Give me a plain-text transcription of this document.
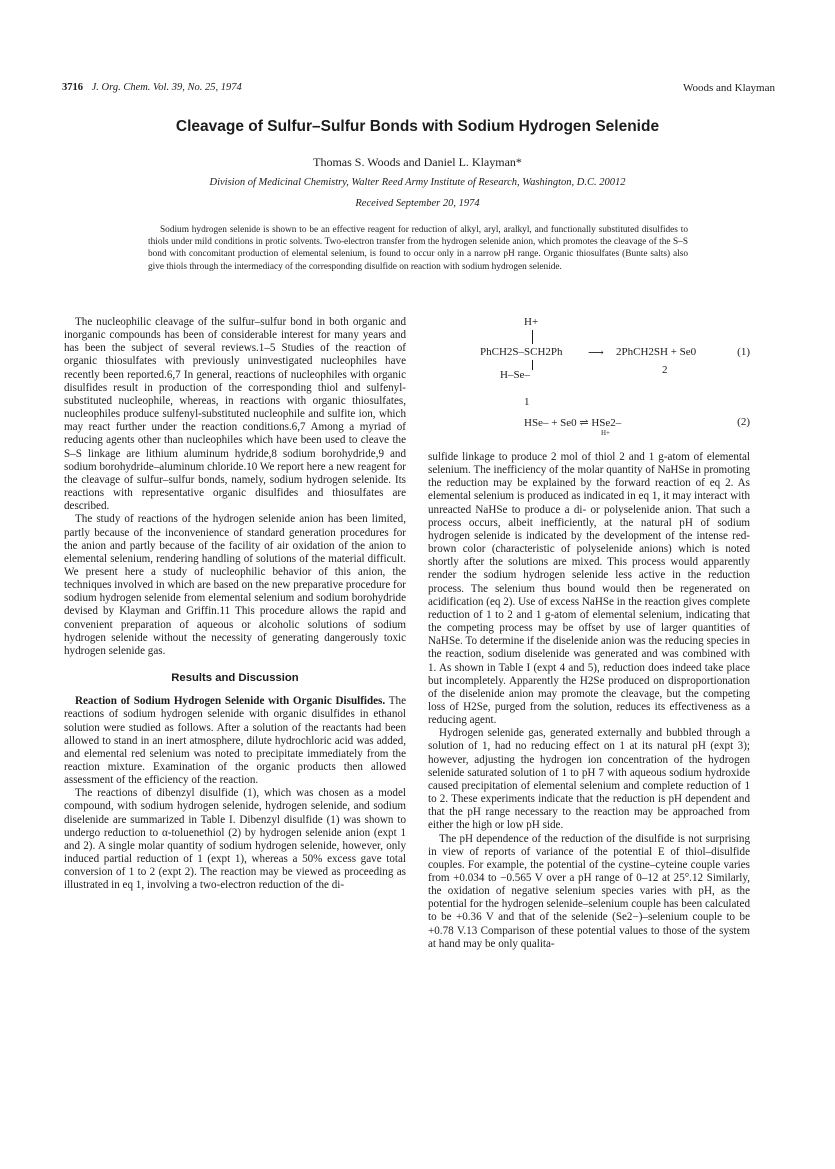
3716 J. Org. Chem. Vol. 39, No. 25, 1974	Woods and Klayman
Cleavage of Sulfur–Sulfur Bonds with Sodium Hydrogen Selenide
Thomas S. Woods and Daniel L. Klayman*
Division of Medicinal Chemistry, Walter Reed Army Institute of Research, Washington, D.C. 20012
Received September 20, 1974
Sodium hydrogen selenide is shown to be an effective reagent for reduction of alkyl, aryl, aralkyl, and functionally substituted disulfides to thiols under mild conditions in protic solvents. Two-electron transfer from the hydrogen selenide anion, which promotes the cleavage of the S–S bond with concomitant production of elemental selenium, is found to occur only in a narrow pH range. Organic thiosulfates (Bunte salts) also give thiols through the intermediacy of the corresponding disulfide on reaction with sodium hydrogen selenide.
H+
PhCH2S–SCH2Ph ⟶ 2PhCH2SH + Se0	(1)
H–Se–
1
2
HSe– + Se0 ⇌ HSe2–
H+
(2)

The nucleophilic cleavage of the sulfur–sulfur bond in both organic and inorganic compounds has been of considerable interest for many years and has been the subject of several reviews.1–5 Studies of the reaction of organic thiosulfates with previously uninvestigated nucleophiles have recently been reported.6,7 In general, reactions of nucleophiles with organic disulfides result in production of the corresponding thiol and sulfenyl-substituted nucleophile, whereas, in reactions with organic thiosulfates, nucleophiles produce sulfenyl-substituted nucleophile and sulfite ion, which may react further under the reaction conditions.6,7 Among a myriad of reducing agents other than nucleophiles which have been used to cleave the S–S linkage are lithium aluminum hydride,8 sodium borohydride,9 and sodium borohydride–aluminum chloride.10 We report here a new reagent for the cleavage of sulfur–sulfur bonds, namely, sodium hydrogen selenide. Its reactions with representative organic disulfides and thiosulfates are described.

The study of reactions of the hydrogen selenide anion has been limited, partly because of the inconvenience of standard generation procedures for the anion and partly because of the facility of air oxidation of the anion to elemental selenium, rendering handling of solutions of the material difficult. We present here a study of nucleophilic behavior of this anion, the techniques involved in which are based on the new preparative procedure for sodium hydrogen selenide from elemental selenium and sodium borohydride devised by Klayman and Griffin.11 This procedure allows the rapid and convenient preparation of aqueous or alcoholic solutions of sodium hydrogen selenide without the necessity of generating dangerously toxic hydrogen selenide gas.

Results and Discussion

Reaction of Sodium Hydrogen Selenide with Organic Disulfides. The reactions of sodium hydrogen selenide with organic disulfides in ethanol solution were studied as follows. After a solution of the reactants had been allowed to stand in an inert atmosphere, dilute hydrochloric acid was added, and elemental red selenium was noted to precipitate immediately from the reaction mixture. Examination of the organic products then allowed assessment of the efficiency of the reaction.

The reactions of dibenzyl disulfide (1), which was chosen as a model compound, with sodium hydrogen selenide, hydrogen selenide, and sodium diselenide are summarized in Table I. Dibenzyl disulfide (1) was shown to undergo reduction to α-toluenethiol (2) by hydrogen selenide anion (expt 1 and 2). A single molar quantity of sodium hydrogen selenide, however, only induced partial reduction of 1 (expt 1), whereas a 50% excess gave total conversion of 1 to 2 (expt 2). The reaction may be viewed as proceeding as illustrated in eq 1, involving a two-electron reduction of the di-

sulfide linkage to produce 2 mol of thiol 2 and 1 g-atom of elemental selenium. The inefficiency of the molar quantity of NaHSe in promoting the reduction may be explained by the forward reaction of eq 2. As elemental selenium is produced as indicated in eq 1, it may interact with unreacted NaHSe to produce a di- or polyselenide anion. That such a process occurs, albeit inefficiently, at the natural pH of sodium hydrogen selenide is indicated by the development of the intense red-brown color (characteristic of polyselenide anions) which is noted shortly after the solutions are mixed. This process would apparently render the sodium hydrogen selenide less active in the reduction process. The selenium thus bound would then be regenerated on acidification (eq 2). Use of excess NaHSe in the reaction gives complete reduction of 1 to 2 and 1 g-atom of elemental selenium, indicating that the competing process may be offset by use of larger quantities of NaHSe. To determine if the diselenide anion was the reducing species in the reaction, sodium diselenide was generated and was combined with 1. As shown in Table I (expt 4 and 5), reduction does indeed take place but incompletely. Apparently the H2Se produced on disproportionation of the diselenide anion may promote the cleavage, but the competing loss of H2Se, purged from the solution, reduces its effectiveness as a reducing agent.

Hydrogen selenide gas, generated externally and bubbled through a solution of 1, had no reducing effect on 1 at its natural pH (expt 3); however, adjusting the hydrogen ion concentration of the hydrogen selenide saturated solution of 1 to pH 7 with aqueous sodium hydroxide caused precipitation of elemental selenium and complete reduction of 1 to 2. These experiments indicate that the reduction is pH dependent and that the pH range necessary to the reaction may be approached from either the high or low pH side.

The pH dependence of the reduction of the disulfide is not surprising in view of reports of variance of the potential E of thiol–disulfide couples. For example, the potential of the cystine–cyteine couple varies from +0.034 to −0.565 V over a pH range of 0–12 at 25°.12 Similarly, the oxidation of negative selenium species varies with pH, as the potential for the hydrogen selenide–selenium couple has been calculated to be +0.36 V and that of the selenide (Se2−)–selenium couple to be +0.78 V.13 Comparison of these potential values to those of the system at hand may be only qualita-
